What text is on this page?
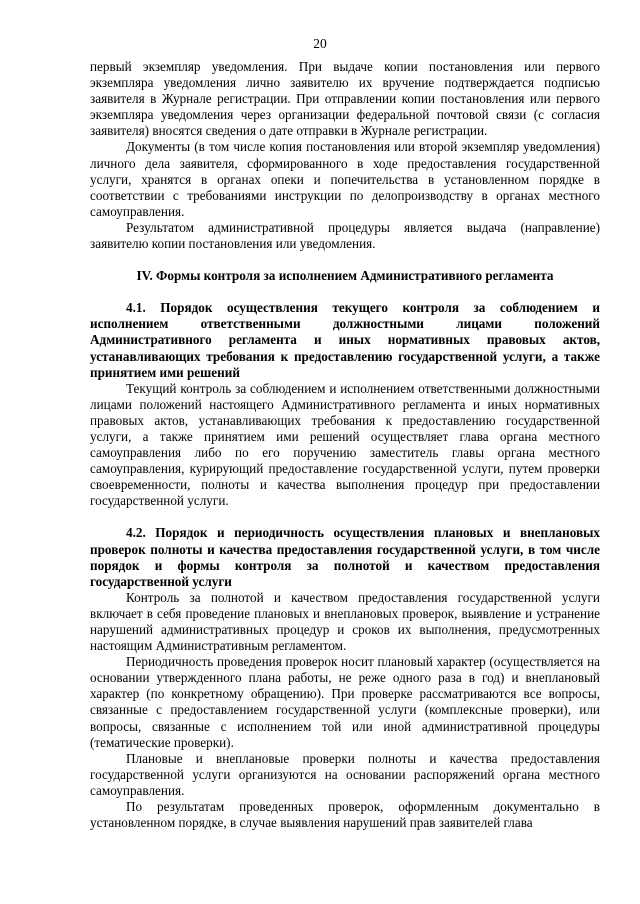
20

первый экземпляр уведомления. При выдаче копии постановления или первого экземпляра уведомления лично заявителю их вручение подтверждается подписью заявителя в Журнале регистрации. При отправлении копии постановления или первого экземпляра уведомления через организации федеральной почтовой связи (с согласия заявителя) вносятся сведения о дате отправки в Журнале регистрации.

Документы (в том числе копия постановления или второй экземпляр уведомления) личного дела заявителя, сформированного в ходе предоставления государственной услуги, хранятся в органах опеки и попечительства в установленном порядке в соответствии с требованиями инструкции по делопроизводству в органах местного самоуправления.

Результатом административной процедуры является выдача (направление) заявителю копии постановления или уведомления.

IV. Формы контроля за исполнением Административного регламента

4.1. Порядок осуществления текущего контроля за соблюдением и исполнением ответственными должностными лицами положений Административного регламента и иных нормативных правовых актов, устанавливающих требования к предоставлению государственной услуги, а также принятием ими решений

Текущий контроль за соблюдением и исполнением ответственными должностными лицами положений настоящего Административного регламента и иных нормативных правовых актов, устанавливающих требования к предоставлению государственной услуги, а также принятием ими решений осуществляет глава органа местного самоуправления либо по его поручению заместитель главы органа местного самоуправления, курирующий предоставление государственной услуги, путем проверки своевременности, полноты и качества выполнения процедур при предоставлении государственной услуги.

4.2. Порядок и периодичность осуществления плановых и внеплановых проверок полноты и качества предоставления государственной услуги, в том числе порядок и формы контроля за полнотой и качеством предоставления государственной услуги

Контроль за полнотой и качеством предоставления государственной услуги включает в себя проведение плановых и внеплановых проверок, выявление и устранение нарушений административных процедур и сроков их выполнения, предусмотренных настоящим Административным регламентом.

Периодичность проведения проверок носит плановый характер (осуществляется на основании утвержденного плана работы, не реже одного раза в год) и внеплановый характер (по конкретному обращению). При проверке рассматриваются все вопросы, связанные с предоставлением государственной услуги (комплексные проверки), или вопросы, связанные с исполнением той или иной административной процедуры (тематические проверки).

Плановые и внеплановые проверки полноты и качества предоставления государственной услуги организуются на основании распоряжений органа местного самоуправления.

По результатам проведенных проверок, оформленным документально в установленном порядке, в случае выявления нарушений прав заявителей глава
